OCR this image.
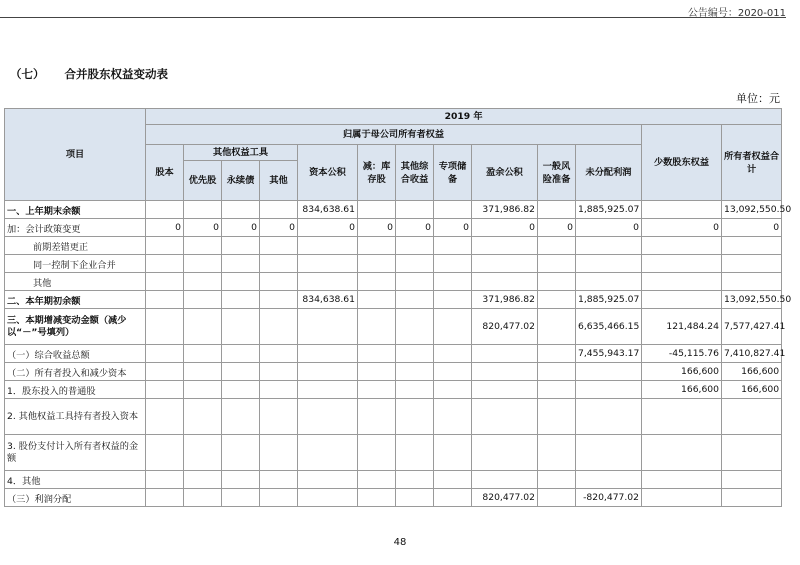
公告编号：2020-011
（七） 合并股东权益变动表
单位：元
项目	2019 年												
	归属于母公司所有者权益											少数股东权益	所有者权益合计
	股本	其他权益工具			资本公积	减：库存股	其他综合收益	专项储备	盈余公积	一般风险准备	未分配利润		
		优先股	永续债	其他									
一、上年期末余额					834,638.61				371,986.82		1,885,925.07		13,092,550.50
加：会计政策变更	0	0	0	0	0	0	0	0	0	0	0	0	0
前期差错更正													
同一控制下企业合并													
其他													
二、本年期初余额					834,638.61				371,986.82		1,885,925.07		13,092,550.50
三、本期增减变动金额（减少以“－”号填列）									820,477.02		6,635,466.15	121,484.24	7,577,427.41
（一）综合收益总额											7,455,943.17	-45,115.76	7,410,827.41
（二）所有者投入和减少资本												166,600	166,600
1．股东投入的普通股												166,600	166,600
2. 其他权益工具持有者投入资本													
3. 股份支付计入所有者权益的金额													
4．其他													
（三）利润分配									820,477.02		-820,477.02		
48
